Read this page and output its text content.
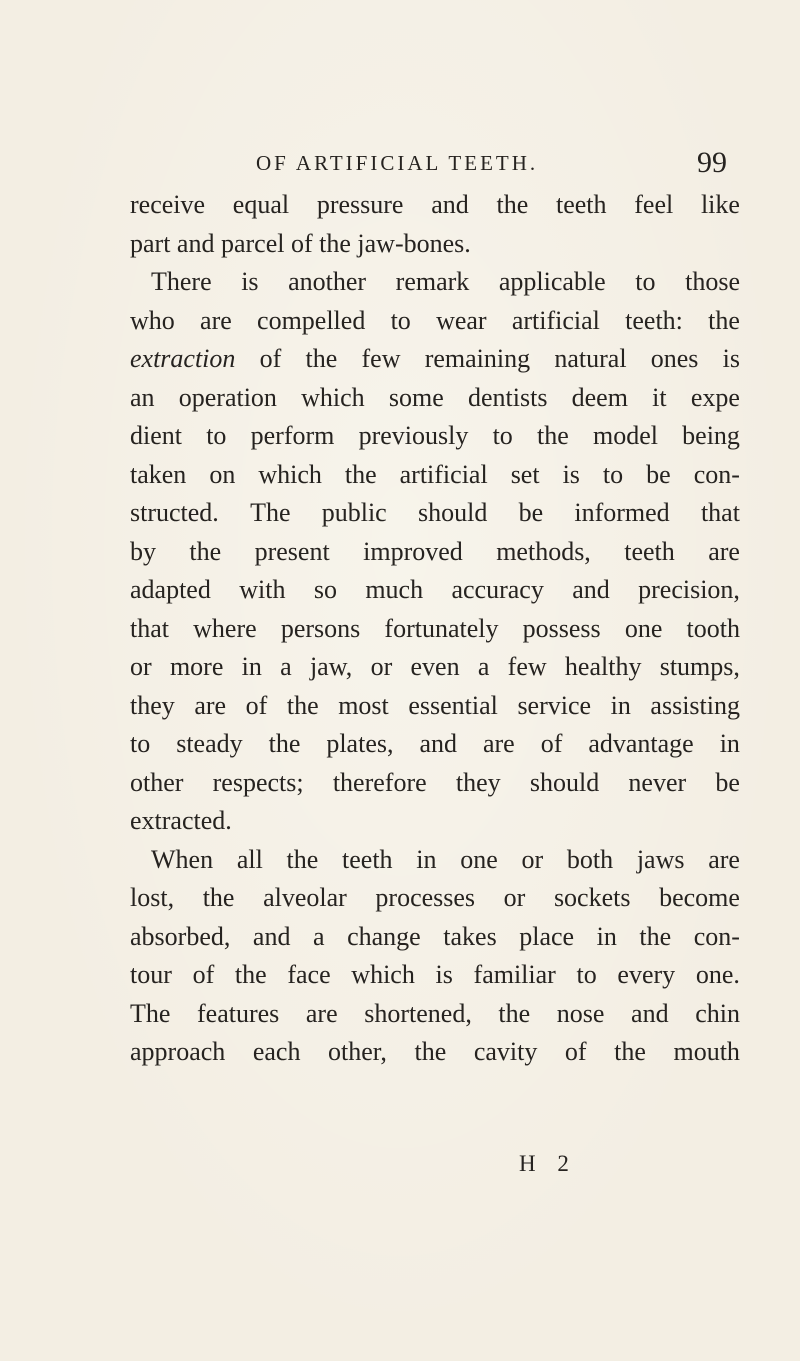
OF ARTIFICIAL TEETH.	99
receive equal pressure and the teeth feel like
part
and
parcel
of
the
jaw-bones.
There is another remark applicable to those
who are compelled to wear artificial teeth: the
extraction of the few remaining natural ones is
an operation which some dentists deem it expe
dient to perform previously to the model being
taken on which the artificial set is to be con-
structed. The public should be informed that
by the present improved methods, teeth are
adapted with so much accuracy and precision,
that where persons fortunately possess one tooth
or more in a jaw, or even a few healthy stumps,
they are of the most essential service in assisting
to steady the plates, and are of advantage in
other respects; therefore they should never be
extracted.
When all the teeth in one or both jaws are
lost, the alveolar processes or sockets become
absorbed, and a change takes place in the con-
tour of the face which is familiar to every one.
The features are shortened, the nose and chin
approach each other, the cavity of the mouth
H 2
